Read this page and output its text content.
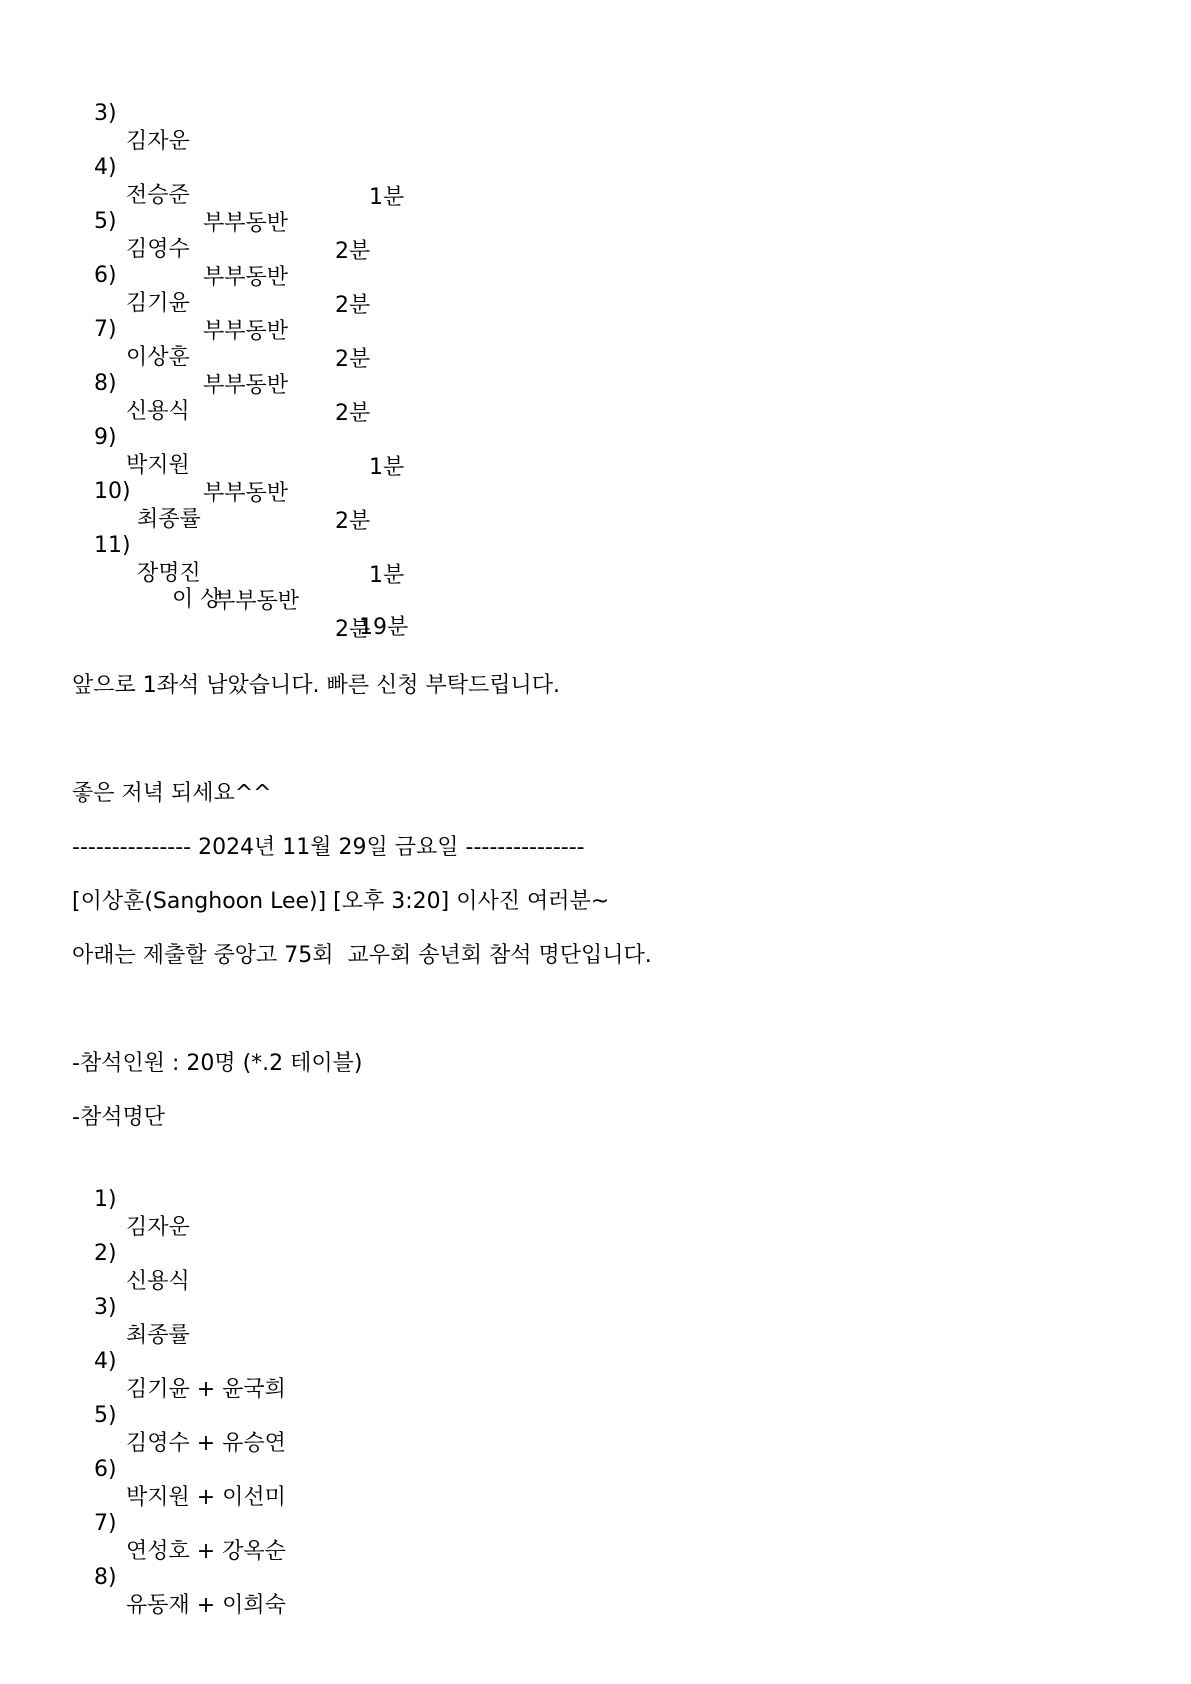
3)

김자운

1분

4)

전승준

부부동반

2분

5)

김영수

부부동반

2분

6)

김기윤

부부동반

2분

7)

이상훈

부부동반

2분

8)

신용식

1분

9)

박지원

부부동반

2분

10)

최종률

1분

11)

장명진

부부동반

2분

이 상

19분

앞으로 1좌석 남았습니다. 빠른 신청 부탁드립니다.
좋은 저녁 되세요^^
--------------- 2024년 11월 29일 금요일 ---------------
[이상훈(Sanghoon Lee)] [오후 3:20] 이사진 여러분~
아래는 제출할 중앙고 75회  교우회 송년회 참석 명단입니다.
-참석인원 : 20명 (*.2 테이블)
-참석명단

1)

김자운

2)

신용식

3)

최종률

4)

김기윤 + 윤국희

5)

김영수 + 유승연

6)

박지원 + 이선미

7)

연성호 + 강옥순

8)

유동재 + 이희숙
